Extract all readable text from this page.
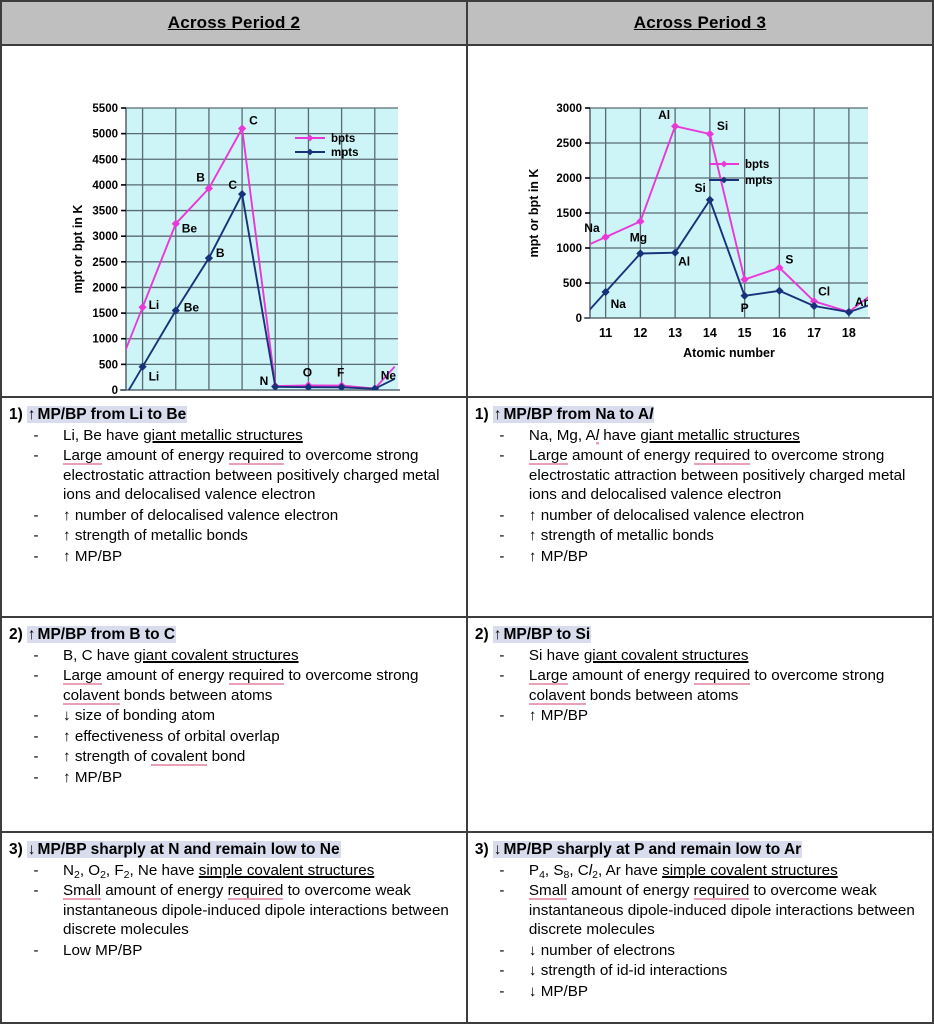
Across Period 2	Across Period 3
0
500
1000
1500
2000
2500
3000
3500
4000
4500
5000
5500
mpt or bpt in K
Li
Be
B
C
N
O F	Ne
Li
Be
B
C
bpts
mpts
0
500
1000
1500
2000
2500
3000
11 12 13 14 15 16 17 18
Atomic number
mpt or bpt in K	Na
Mg
Al
Si
S
Cl
Ar
Na
Al
Si
P
bpts
mpts
1) ↑MP/BP from Li to Be
- Li, Be have giant metallic structures
- Large amount of energy required to overcome strong electrostatic attraction between positively charged metal ions and delocalised valence electron
- ↑ number of delocalised valence electron
- ↑ strength of metallic bonds
- ↑ MP/BP
1) ↑MP/BP from Na to Al
- Na, Mg, Al have giant metallic structures
- Large amount of energy required to overcome strong electrostatic attraction between positively charged metal ions and delocalised valence electron
- ↑ number of delocalised valence electron
- ↑ strength of metallic bonds
- ↑ MP/BP
2) ↑MP/BP from B to C
- B, C have giant covalent structures
- Large amount of energy required to overcome strong colavent bonds between atoms
- ↓ size of bonding atom
- ↑ effectiveness of orbital overlap
- ↑ strength of covalent bond
- ↑ MP/BP
2) ↑MP/BP to Si
- Si have giant covalent structures
- Large amount of energy required to overcome strong colavent bonds between atoms
- ↑ MP/BP
3) ↓MP/BP sharply at N and remain low to Ne
- $N_2$, $O_2$, $F_2$, Ne have simple covalent structures
- Small amount of energy required to overcome weak instantaneous dipole-induced dipole interactions between discrete molecules
- Low MP/BP
3) ↓MP/BP sharply at P and remain low to Ar
- $P_4$, $S_8$, $Cl_2$, Ar have simple covalent structures
- Small amount of energy required to overcome weak instantaneous dipole-induced dipole interactions between discrete molecules
- ↓ number of electrons
- ↓ strength of id-id interactions
- ↓ MP/BP
